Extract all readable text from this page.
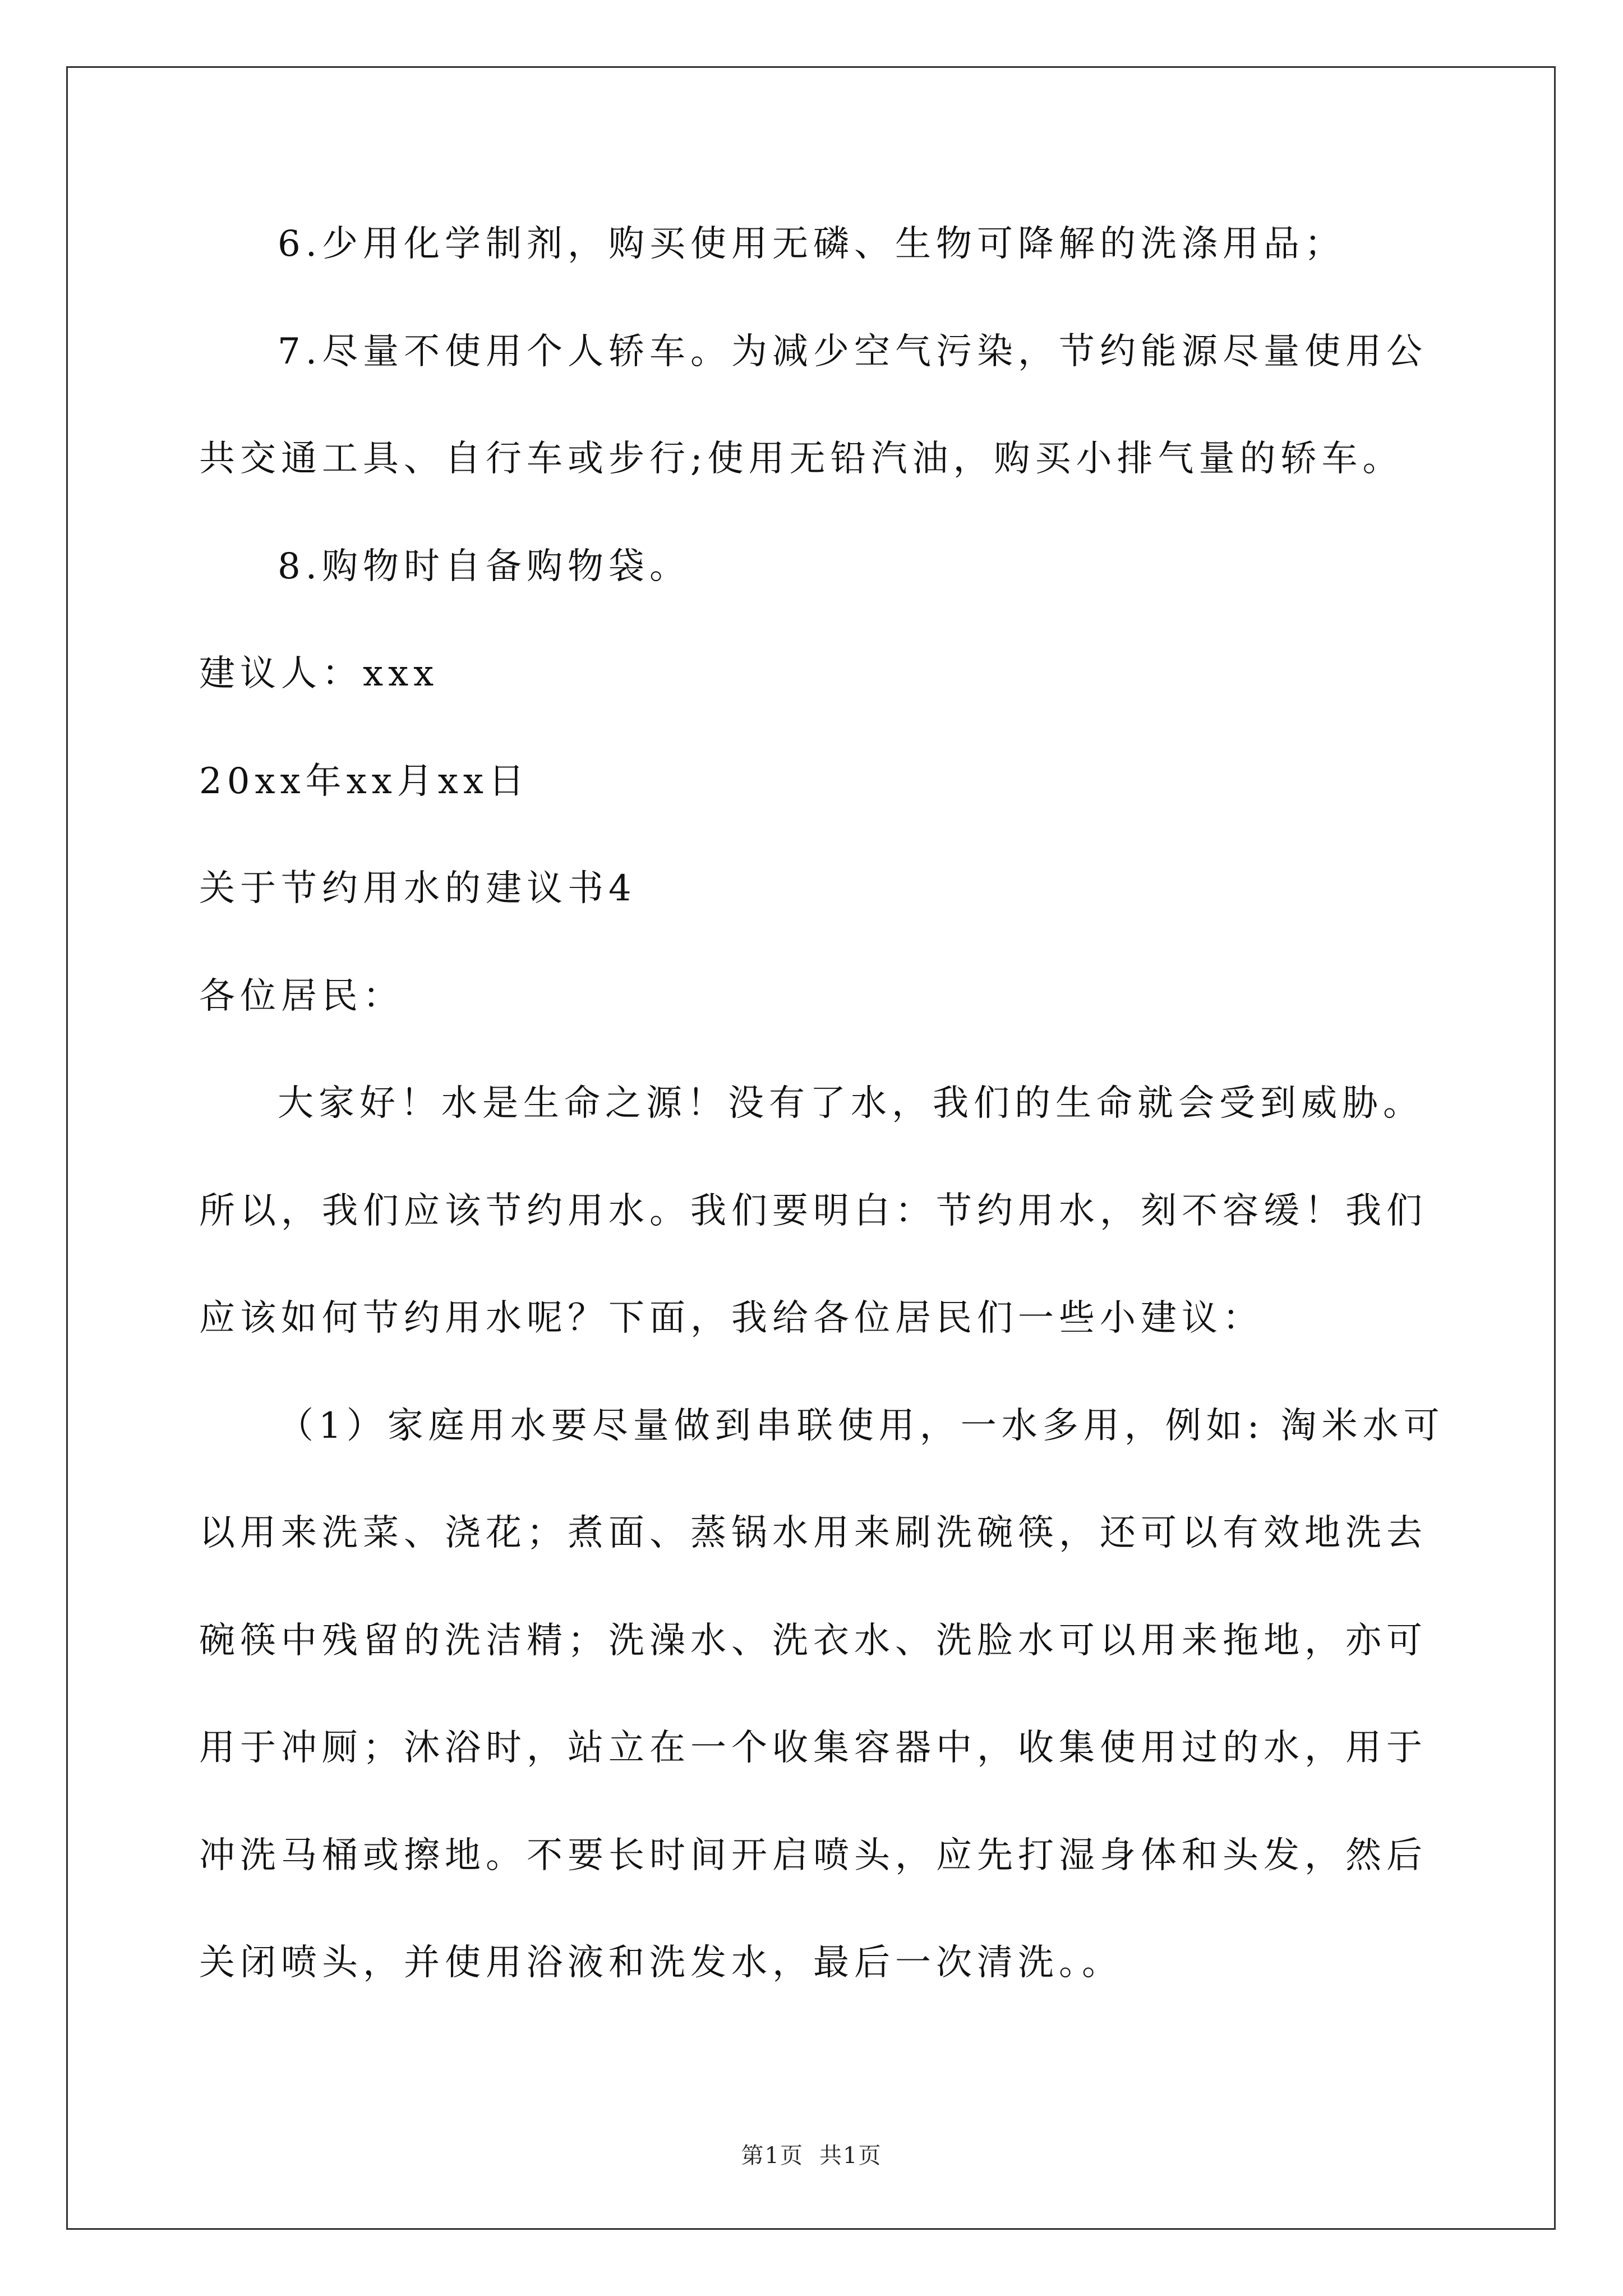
6.少用化学制剂，购买使用无磷、生物可降解的洗涤用品；
7.尽量不使用个人轿车。为减少空气污染，节约能源尽量使用公
共交通工具、自行车或步行;使用无铅汽油，购买小排气量的轿车。
8.购物时自备购物袋。
建议人：xxx
20xx年xx月xx日
关于节约用水的建议书4
各位居民：
大家好！水是生命之源！没有了水，我们的生命就会受到威胁。
所以，我们应该节约用水。我们要明白：节约用水，刻不容缓！我们
应该如何节约用水呢？下面，我给各位居民们一些小建议：
（1）家庭用水要尽量做到串联使用，一水多用，例如: 淘米水可
以用来洗菜、浇花；煮面、蒸锅水用来刷洗碗筷，还可以有效地洗去
碗筷中残留的洗洁精；洗澡水、洗衣水、洗脸水可以用来拖地，亦可
用于冲厕；沐浴时，站立在一个收集容器中，收集使用过的水，用于
冲洗马桶或擦地。不要长时间开启喷头，应先打湿身体和头发，然后
关闭喷头，并使用浴液和洗发水，最后一次清洗。。
第1页 共1页
